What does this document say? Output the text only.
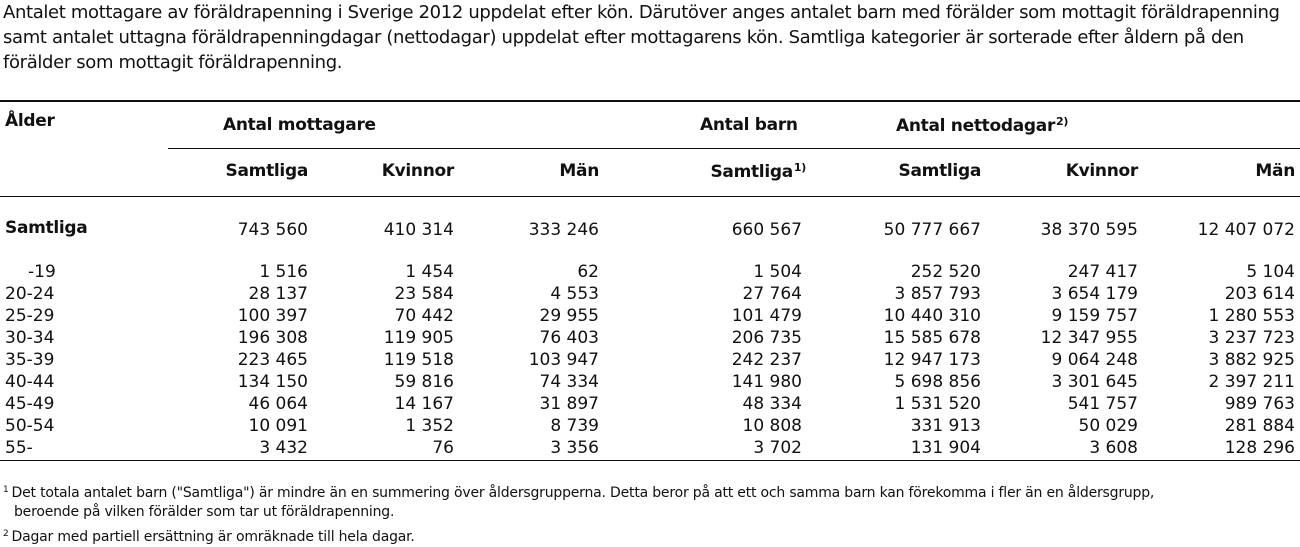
Antalet mottagare av föräldrapenning i Sverige 2012 uppdelat efter kön. Därutöver anges antalet barn med förälder som mottagit föräldrapenning samt antalet uttagna föräldrapenningdagar (nettodagar) uppdelat efter mottagarens kön. Samtliga kategorier är sorterade efter åldern på den förälder som mottagit föräldrapenning.

Ålder	Antal mottagare	Antal barn	Antal nettodagar$^{2)}$
Samtliga	Kvinnor	Män	Samtliga$^{1)}$	Samtliga	Kvinnor	Män
Samtliga	743 560	410 314	333 246	660 567	50 777 667	38 370 595	12 407 072
-19	1 516	1 454	62	1 504	252 520	247 417	5 104
20-24	28 137	23 584	4 553	27 764	3 857 793	3 654 179	203 614
25-29	100 397	70 442	29 955	101 479	10 440 310	9 159 757	1 280 553
30-34	196 308	119 905	76 403	206 735	15 585 678	12 347 955	3 237 723
35-39	223 465	119 518	103 947	242 237	12 947 173	9 064 248	3 882 925
40-44	134 150	59 816	74 334	141 980	5 698 856	3 301 645	2 397 211
45-49	46 064	14 167	31 897	48 334	1 531 520	541 757	989 763
50-54	10 091	1 352	8 739	10 808	331 913	50 029	281 884
55-	3 432	76	3 356	3 702	131 904	3 608	128 296
$^1$ Det totala antalet barn ("Samtliga") är mindre än en summering över åldersgrupperna. Detta beror på att ett och samma barn kan förekomma i fler än en åldersgrupp,
beroende på vilken förälder som tar ut föräldrapenning.
$^2$ Dagar med partiell ersättning är omräknade till hela dagar.
